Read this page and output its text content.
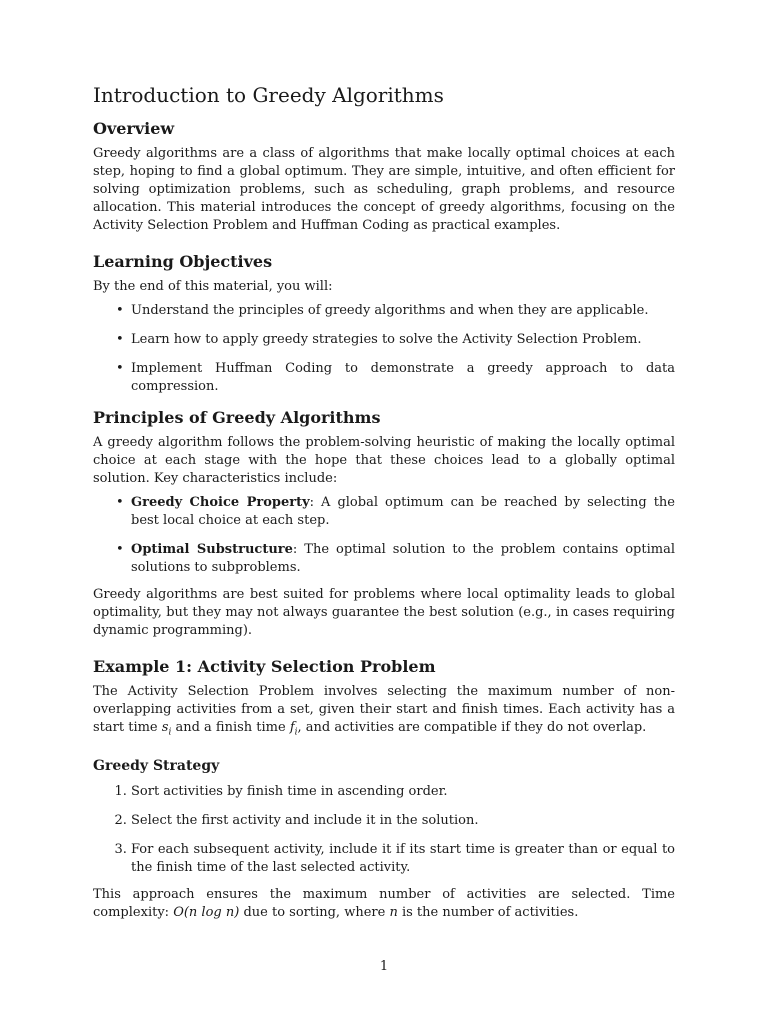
Introduction to Greedy Algorithms
Overview

Greedy algorithms are a class of algorithms that make locally optimal choices at each step, hoping to find a global optimum. They are simple, intuitive, and often efficient for solving optimization problems, such as scheduling, graph problems, and resource allocation. This material introduces the concept of greedy algorithms, focusing on the Activity Selection Problem and Huffman Coding as practical examples.

Learning Objectives

By the end of this material, you will:

• Understand the principles of greedy algorithms and when they are applicable.
• Learn how to apply greedy strategies to solve the Activity Selection Problem.
• Implement Huffman Coding to demonstrate a greedy approach to data compression.
Principles of Greedy Algorithms

A greedy algorithm follows the problem-solving heuristic of making the locally optimal choice at each stage with the hope that these choices lead to a globally optimal solution. Key characteristics include:

• Greedy Choice Property: A global optimum can be reached by selecting the best local choice at each step.
• Optimal Substructure: The optimal solution to the problem contains optimal solutions to subproblems.

Greedy algorithms are best suited for problems where local optimality leads to global optimality, but they may not always guarantee the best solution (e.g., in cases requiring dynamic programming).

Example 1: Activity Selection Problem

The Activity Selection Problem involves selecting the maximum number of non-overlapping activities from a set, given their start and finish times. Each activity has a start time $s_i$ and a finish time $f_i$, and activities are compatible if they do not overlap.

Greedy Strategy
1. Sort activities by finish time in ascending order.
2. Select the first activity and include it in the solution.
3. For each subsequent activity, include it if its start time is greater than or equal to the finish time of the last selected activity.

This approach ensures the maximum number of activities are selected. Time complexity: O(n log n) due to sorting, where n is the number of activities.

1
